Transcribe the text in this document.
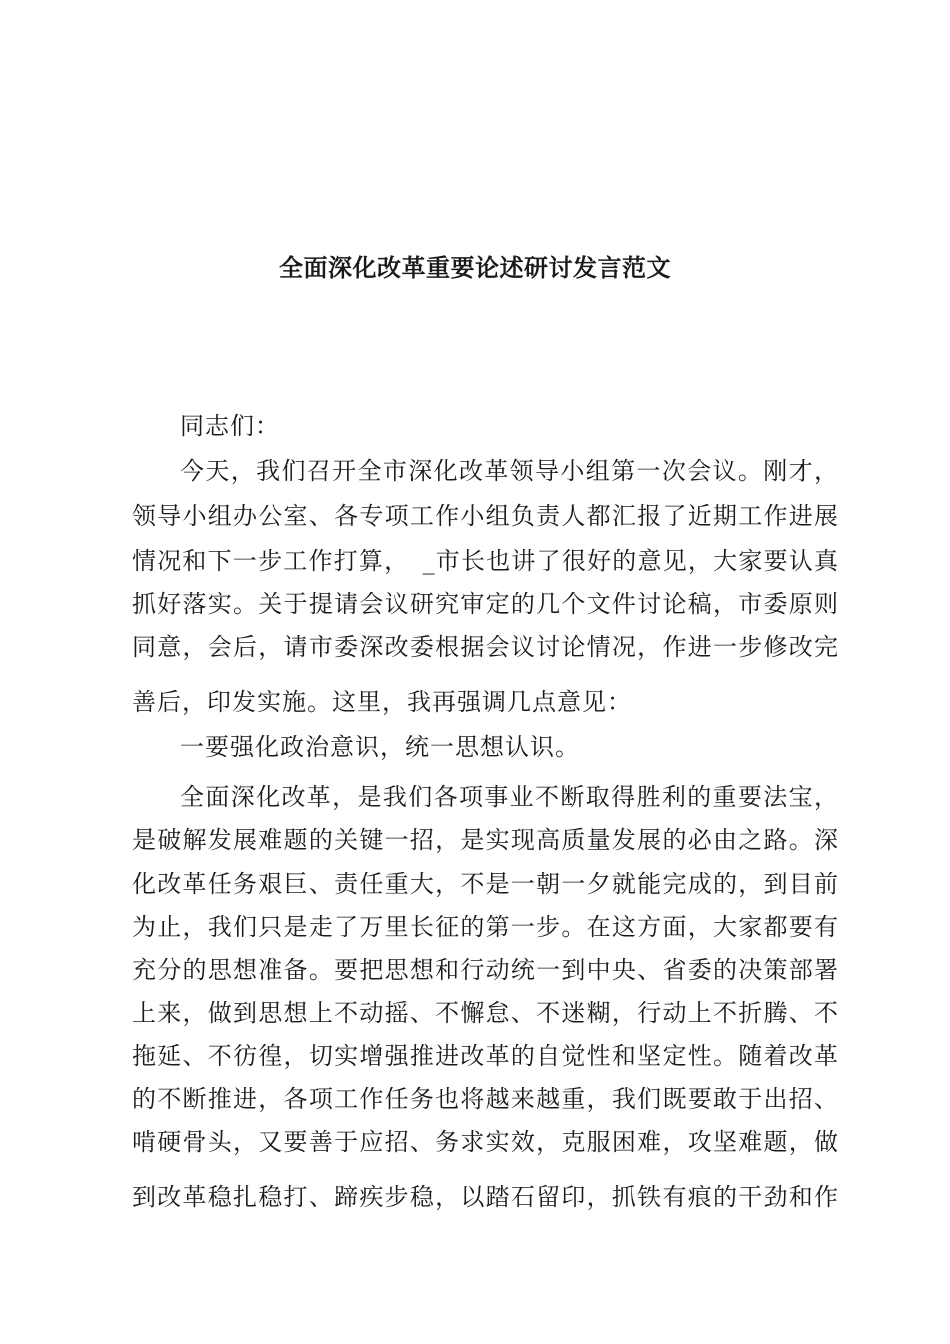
全面深化改革重要论述研讨发言范文

同志们：

今天，我们召开全市深化改革领导小组第一次会议。刚才，

领导小组办公室、各专项工作小组负责人都汇报了近期工作进展

情况和下一步工作打算，　_市长也讲了很好的意见，大家要认真

抓好落实。关于提请会议研究审定的几个文件讨论稿，市委原则

同意，会后，请市委深改委根据会议讨论情况，作进一步修改完

善后，印发实施。这里，我再强调几点意见：

一要强化政治意识，统一思想认识。

全面深化改革，是我们各项事业不断取得胜利的重要法宝，

是破解发展难题的关键一招，是实现高质量发展的必由之路。深

化改革任务艰巨、责任重大，不是一朝一夕就能完成的，到目前

为止，我们只是走了万里长征的第一步。在这方面，大家都要有

充分的思想准备。要把思想和行动统一到中央、省委的决策部署

上来，做到思想上不动摇、不懈怠、不迷糊，行动上不折腾、不

拖延、不彷徨，切实增强推进改革的自觉性和坚定性。随着改革

的不断推进，各项工作任务也将越来越重，我们既要敢于出招、

啃硬骨头，又要善于应招、务求实效，克服困难，攻坚难题，做

到改革稳扎稳打、蹄疾步稳，以踏石留印，抓铁有痕的干劲和作
